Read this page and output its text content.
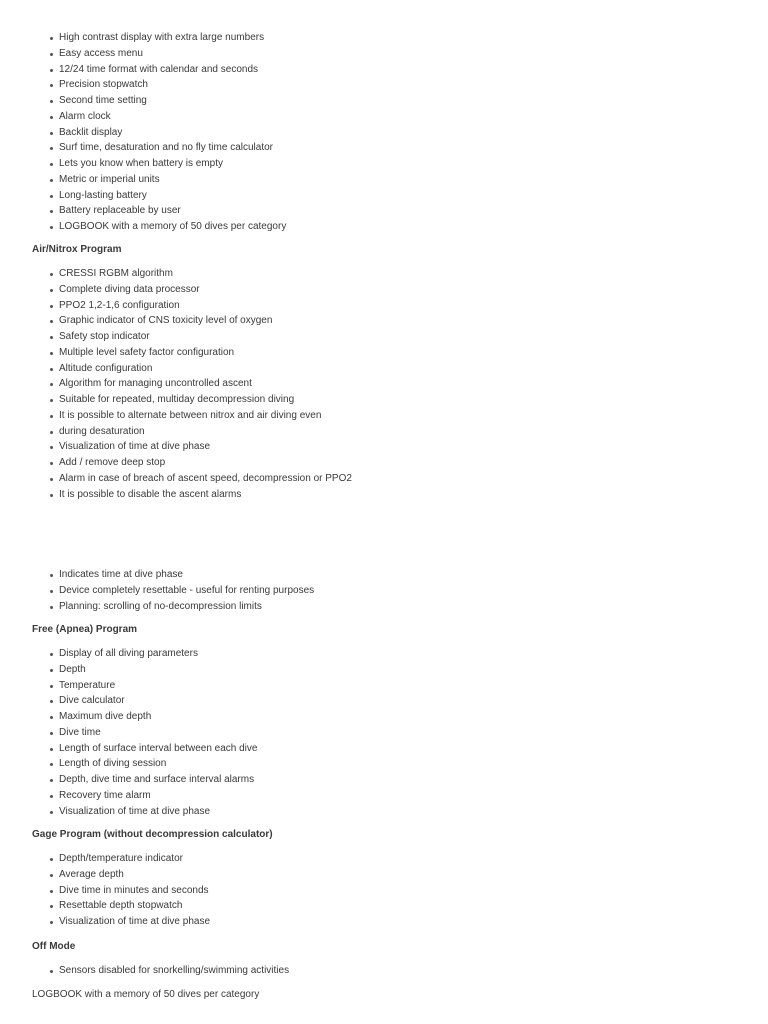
High contrast display with extra large numbers
Easy access menu
12/24 time format with calendar and seconds
Precision stopwatch
Second time setting
Alarm clock
Backlit display
Surf time, desaturation and no fly time calculator
Lets you know when battery is empty
Metric or imperial units
Long-lasting battery
Battery replaceable by user
LOGBOOK with a memory of 50 dives per category
Air/Nitrox Program
CRESSI RGBM algorithm
Complete diving data processor
PPO2 1,2-1,6 configuration
Graphic indicator of CNS toxicity level of oxygen
Safety stop indicator
Multiple level safety factor configuration
Altitude configuration
Algorithm for managing uncontrolled ascent
Suitable for repeated, multiday decompression diving
It is possible to alternate between nitrox and air diving even
during desaturation
Visualization of time at dive phase
Add / remove deep stop
Alarm in case of breach of ascent speed, decompression or PPO2
It is possible to disable the ascent alarms
Indicates time at dive phase
Device completely resettable - useful for renting purposes
Planning: scrolling of no-decompression limits
Free (Apnea) Program
Display of all diving parameters
Depth
Temperature
Dive calculator
Maximum dive depth
Dive time
Length of surface interval between each dive
Length of diving session
Depth, dive time and surface interval alarms
Recovery time alarm
Visualization of time at dive phase
Gage Program (without decompression calculator)
Depth/temperature indicator
Average depth
Dive time in minutes and seconds
Resettable depth stopwatch
Visualization of time at dive phase
Off Mode
Sensors disabled for snorkelling/swimming activities
LOGBOOK with a memory of 50 dives per category
